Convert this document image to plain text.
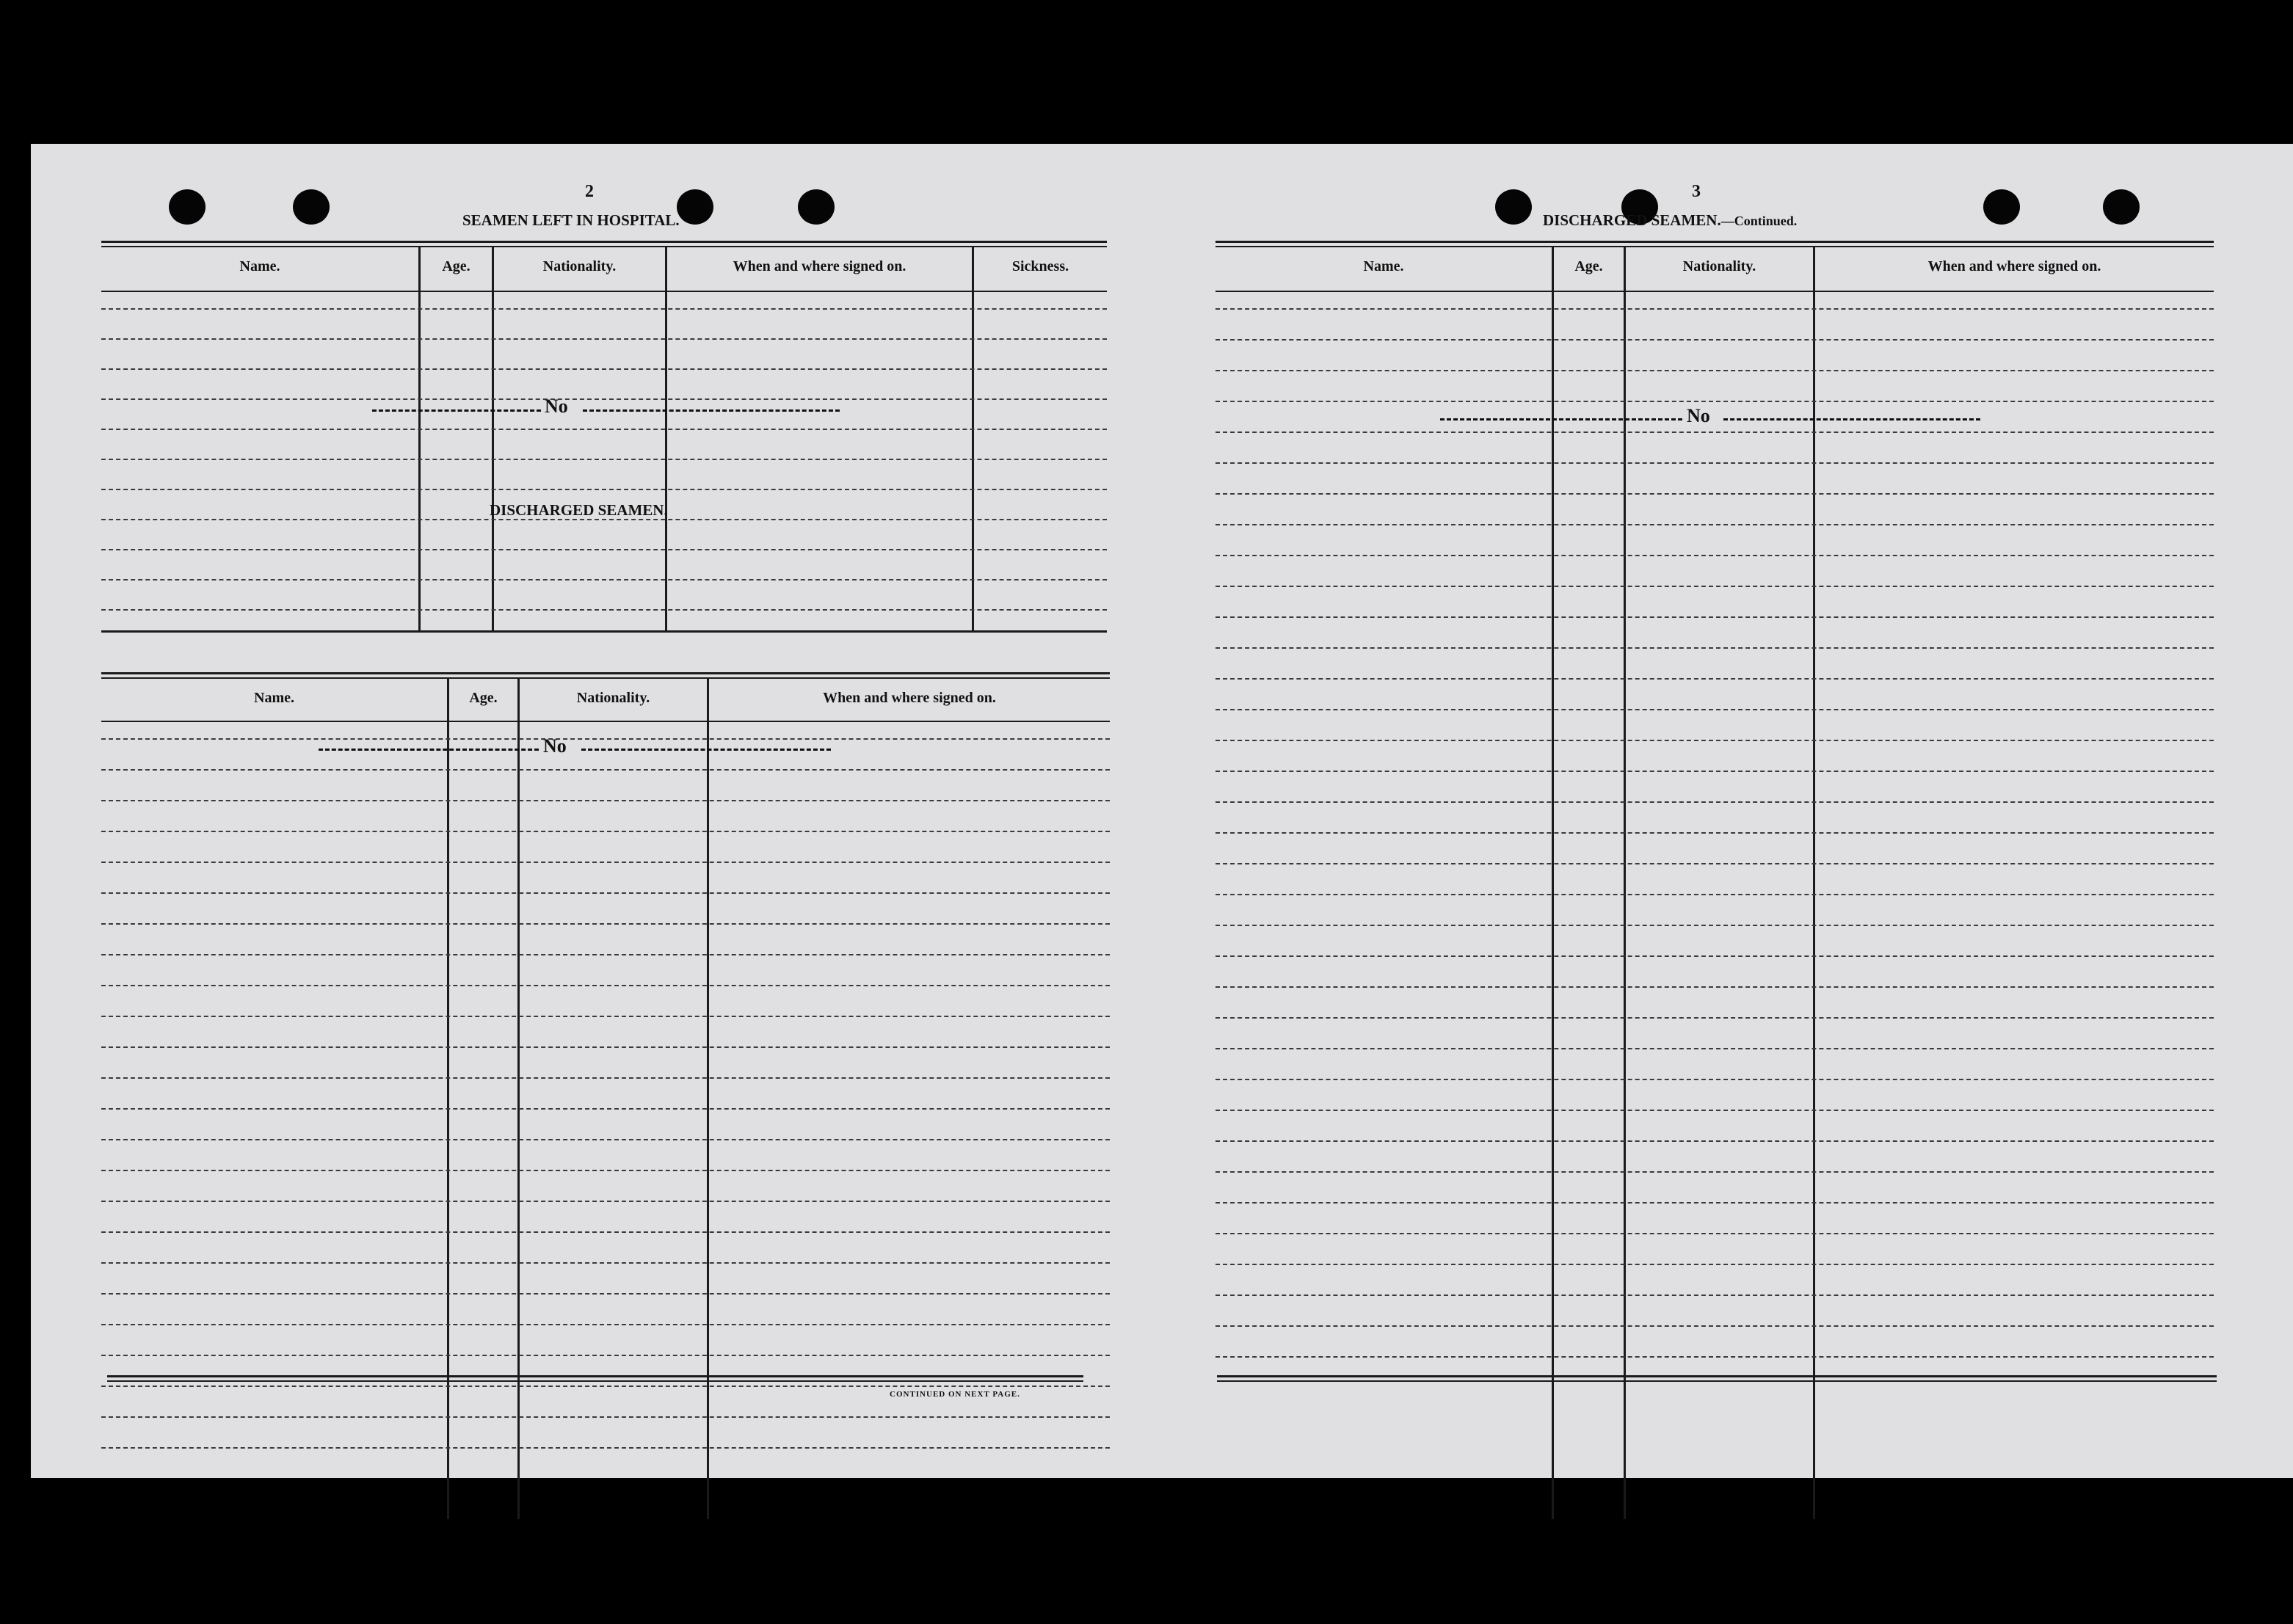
2
SEAMEN LEFT IN HOSPITAL.
Name.	Age.	Nationality.	When and where signed on.	Sickness.
No
DISCHARGED SEAMEN.
Name.	Age.	Nationality.	When and where signed on.
No
CONTINUED ON NEXT PAGE.
3
DISCHARGED SEAMEN.—Continued.
Name.	Age.	Nationality.	When and where signed on.
No
